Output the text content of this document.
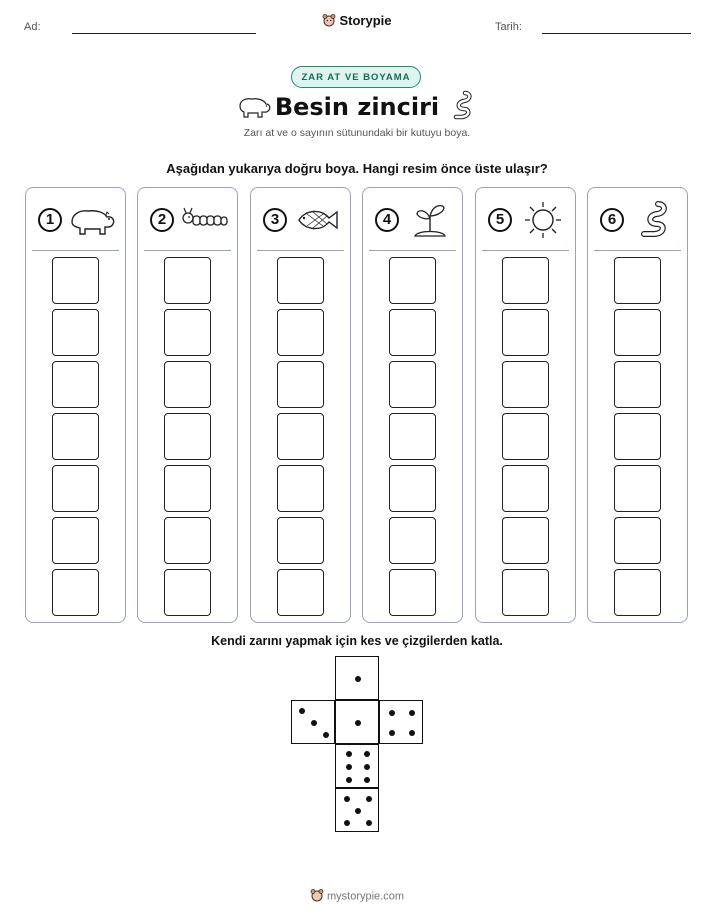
Ad:	Storypie	Tarih:
ZAR AT VE BOYAMA
Besin zinciri
Zarı at ve o sayının sütunundaki bir kutuyu boya.
Aşağıdan yukarıya doğru boya. Hangi resim önce üste ulaşır?
1	2	3	4	5	6
Kendi zarını yapmak için kes ve çizgilerden katla.
mystorypie.com
